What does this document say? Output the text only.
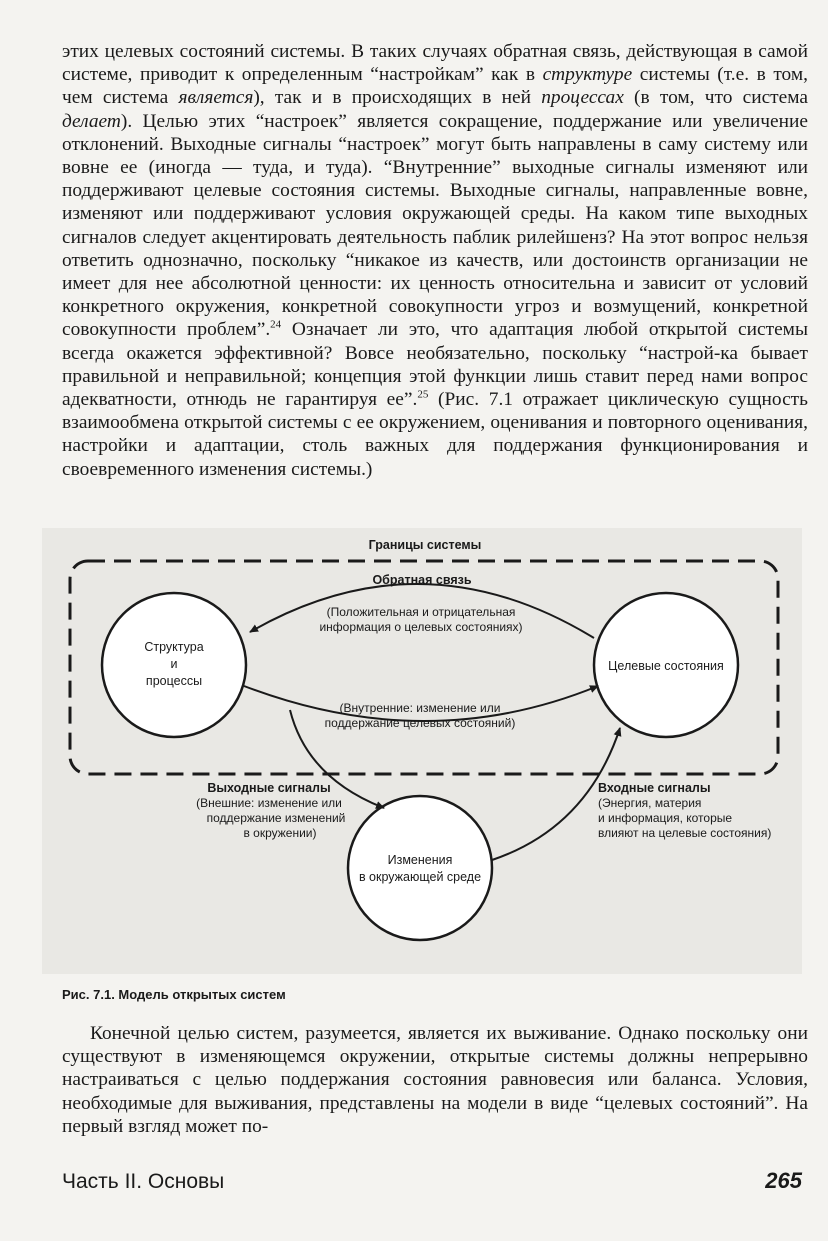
этих целевых состояний системы. В таких случаях обратная связь, действующая в самой системе, приводит к определенным “настройкам” как в структуре системы (т.е. в том, чем система является), так и в происходящих в ней процессах (в том, что система делает). Целью этих “настроек” является сокращение, поддержание или увеличение отклонений. Выходные сигналы “настроек” могут быть направлены в саму систему или вовне ее (иногда — туда, и туда). “Внутренние” выходные сигналы изменяют или поддерживают целевые состояния системы. Выходные сигналы, направленные вовне, изменяют или поддерживают условия окружающей среды. На каком типе выходных сигналов следует акцентировать деятельность паблик рилейшенз? На этот вопрос нельзя ответить однозначно, поскольку “никакое из качеств, или достоинств организации не имеет для нее абсолютной ценности: их ценность относительна и зависит от условий конкретного окружения, конкретной совокупности угроз и возмущений, конкретной совокупности проблем”.$^{24}$ Означает ли это, что адаптация любой открытой системы всегда окажется эффективной? Вовсе необязательно, поскольку “настрой-ка бывает правильной и неправильной; концепция этой функции лишь ставит перед нами вопрос адекватности, отнюдь не гарантируя ее”.$^{25}$ (Рис. 7.1 отражает циклическую сущность взаимообмена открытой системы с ее окружением, оценивания и повторного оценивания, настройки и адаптации, столь важных для поддержания функционирования и своевременного изменения системы.)

Границы системы
Обратная связь
(Положительная и отрицательная
информация о целевых состояниях)
Структура
и
процессы
Целевые состояния
(Внутренние: изменение или
поддержание целевых состояний)
Выходные сигналы
(Внешние: изменение или
поддержание изменений
в окружении)
Входные сигналы
(Энергия, материя
и информация, которые
влияют на целевые состояния)
Изменения
в окружающей среде
Рис. 7.1. Модель открытых систем

Конечной целью систем, разумеется, является их выживание. Однако поскольку они существуют в изменяющемся окружении, открытые системы должны непрерывно настраиваться с целью поддержания состояния равновесия или баланса. Условия, необходимые для выживания, представлены на модели в виде “целевых состояний”. На первый взгляд может по-

Часть II. Основы	265
